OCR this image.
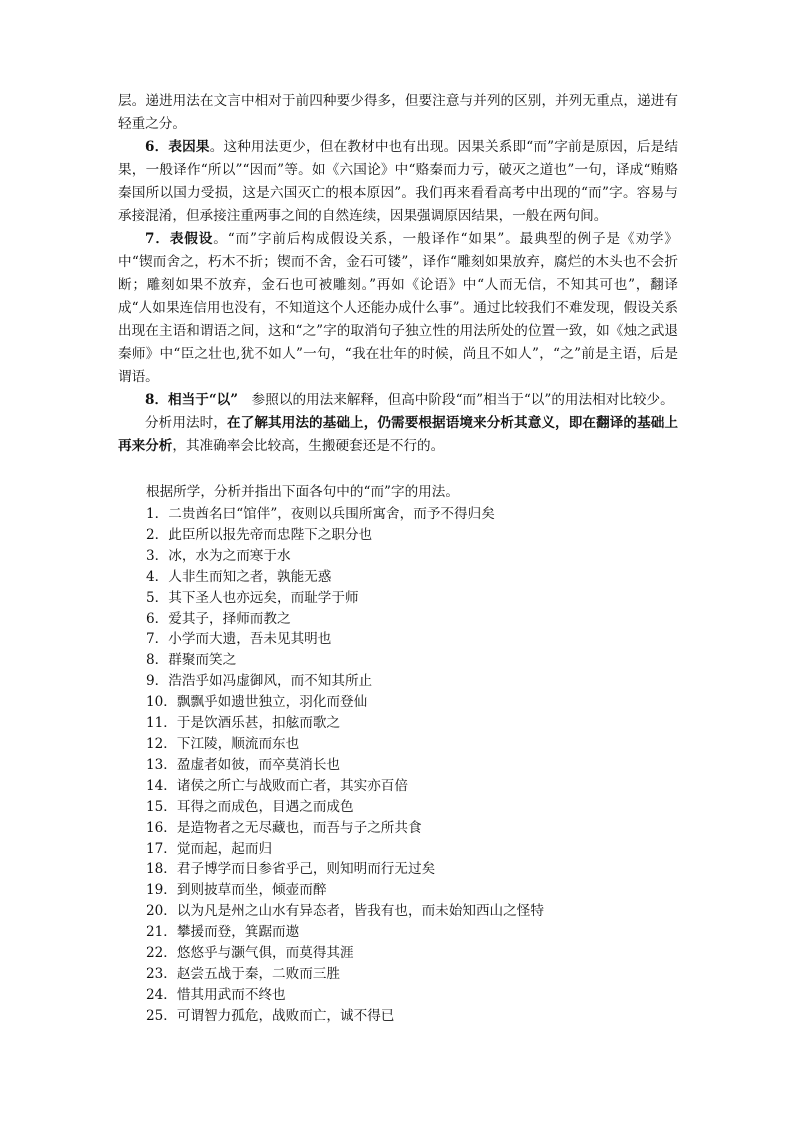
层。递进用法在文言中相对于前四种要少得多，但要注意与并列的区别，并列无重点，递进有轻重之分。

6．表因果。这种用法更少，但在教材中也有出现。因果关系即“而”字前是原因，后是结果，一般译作“所以”“因而”等。如《六国论》中“赂秦而力亏，破灭之道也”一句，译成“贿赂秦国所以国力受损，这是六国灭亡的根本原因”。我们再来看看高考中出现的“而”字。容易与承接混淆，但承接注重两事之间的自然连续，因果强调原因结果，一般在两句间。

7．表假设。“而”字前后构成假设关系，一般译作“如果”。最典型的例子是《劝学》中“锲而舍之，朽木不折；锲而不舍，金石可镂”，译作“雕刻如果放弃，腐烂的木头也不会折断；雕刻如果不放弃，金石也可被雕刻。”再如《论语》中“人而无信，不知其可也”，翻译成“人如果连信用也没有，不知道这个人还能办成什么事”。通过比较我们不难发现，假设关系出现在主语和谓语之间，这和“之”字的取消句子独立性的用法所处的位置一致，如《烛之武退秦师》中“臣之壮也,犹不如人”一句，“我在壮年的时候，尚且不如人”，“之”前是主语，后是谓语。

8．相当于“以”　参照以的用法来解释，但高中阶段“而”相当于“以”的用法相对比较少。

分析用法时，在了解其用法的基础上，仍需要根据语境来分析其意义，即在翻译的基础上再来分析，其准确率会比较高，生搬硬套还是不行的。

根据所学，分析并指出下面各句中的“而”字的用法。

1．二贵酋名曰“馆伴”，夜则以兵围所寓舍，而予不得归矣
2．此臣所以报先帝而忠陛下之职分也
3．冰，水为之而寒于水
4．人非生而知之者，孰能无惑
5．其下圣人也亦远矣，而耻学于师
6．爱其子，择师而教之
7．小学而大遗，吾未见其明也
8．群聚而笑之
9．浩浩乎如冯虚御风，而不知其所止
10．飘飘乎如遗世独立，羽化而登仙
11．于是饮酒乐甚，扣舷而歌之
12．下江陵，顺流而东也
13．盈虚者如彼，而卒莫消长也
14．诸侯之所亡与战败而亡者，其实亦百倍
15．耳得之而成色，目遇之而成色
16．是造物者之无尽藏也，而吾与子之所共食
17．觉而起，起而归
18．君子博学而日参省乎己，则知明而行无过矣
19．到则披草而坐，倾壶而醉
20．以为凡是州之山水有异态者，皆我有也，而未始知西山之怪特
21．攀援而登，箕踞而遨
22．悠悠乎与灏气俱，而莫得其涯
23．赵尝五战于秦，二败而三胜
24．惜其用武而不终也
25．可谓智力孤危，战败而亡，诚不得已
